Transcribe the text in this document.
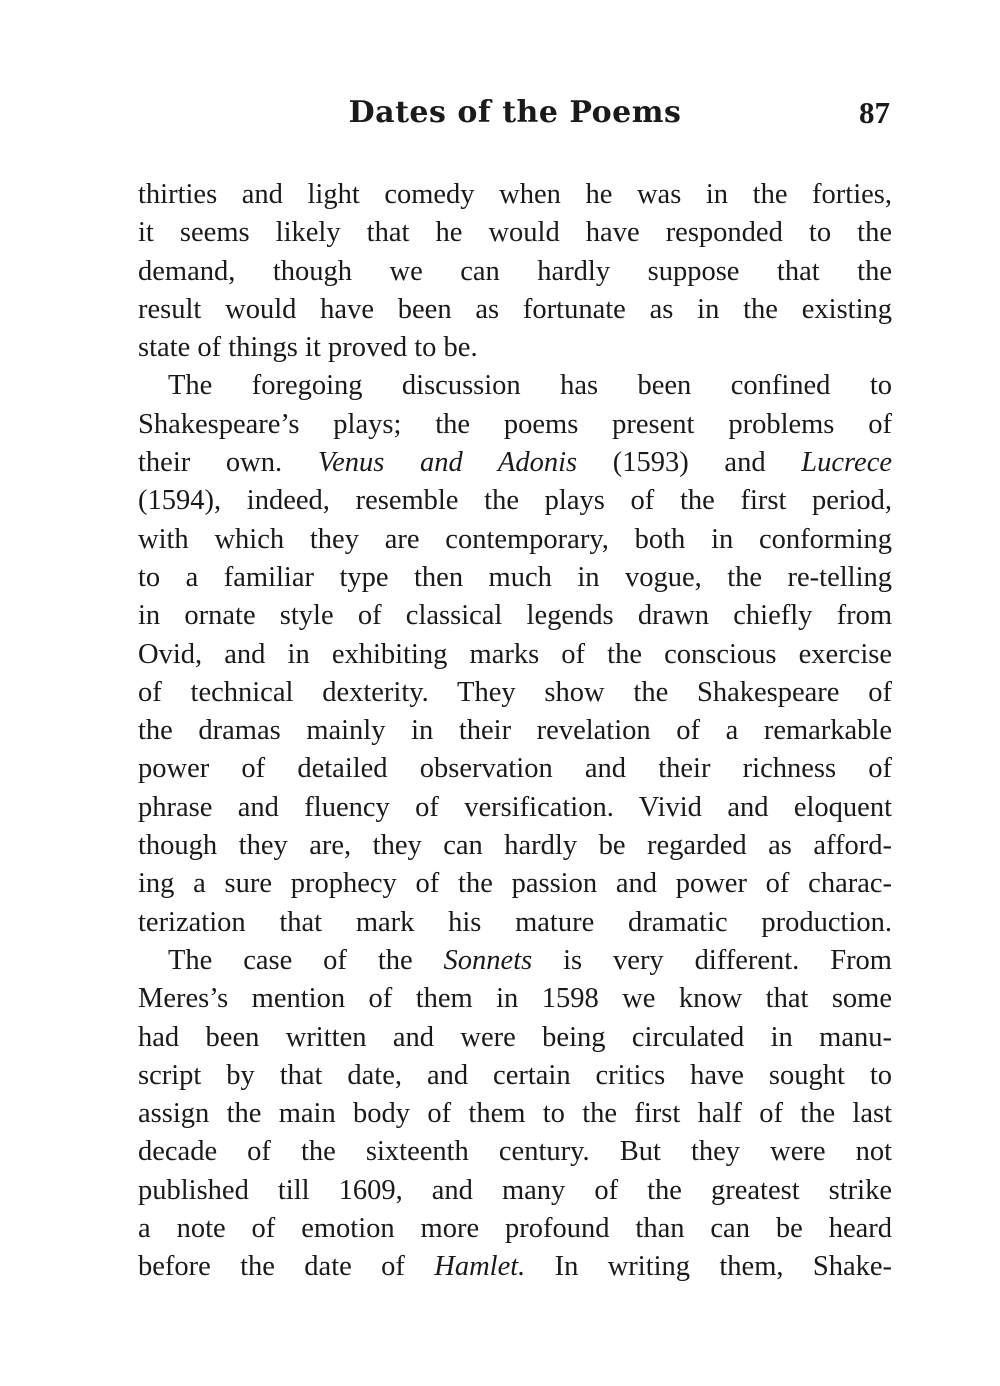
Dates of the Poems	87
thirties and light comedy when he was in the forties,
it seems likely that he would have responded to the
demand, though we can hardly suppose that the
result would have been as fortunate as in the existing
state of things it proved to be.
The foregoing discussion has been confined to
Shakespeare’s plays; the poems present problems of
their own. Venus and Adonis (1593) and Lucrece
(1594), indeed, resemble the plays of the first period,
with which they are contemporary, both in conforming
to a familiar type then much in vogue, the re-telling
in ornate style of classical legends drawn chiefly from
Ovid, and in exhibiting marks of the conscious exercise
of technical dexterity. They show the Shakespeare of
the dramas mainly in their revelation of a remarkable
power of detailed observation and their richness of
phrase and fluency of versification. Vivid and eloquent
though they are, they can hardly be regarded as afford-
ing a sure prophecy of the passion and power of charac-
terization that mark his mature dramatic production.
The case of the Sonnets is very different. From
Meres’s mention of them in 1598 we know that some
had been written and were being circulated in manu-
script by that date, and certain critics have sought to
assign the main body of them to the first half of the last
decade of the sixteenth century. But they were not
published till 1609, and many of the greatest strike
a note of emotion more profound than can be heard
before the date of Hamlet. In writing them, Shake-
